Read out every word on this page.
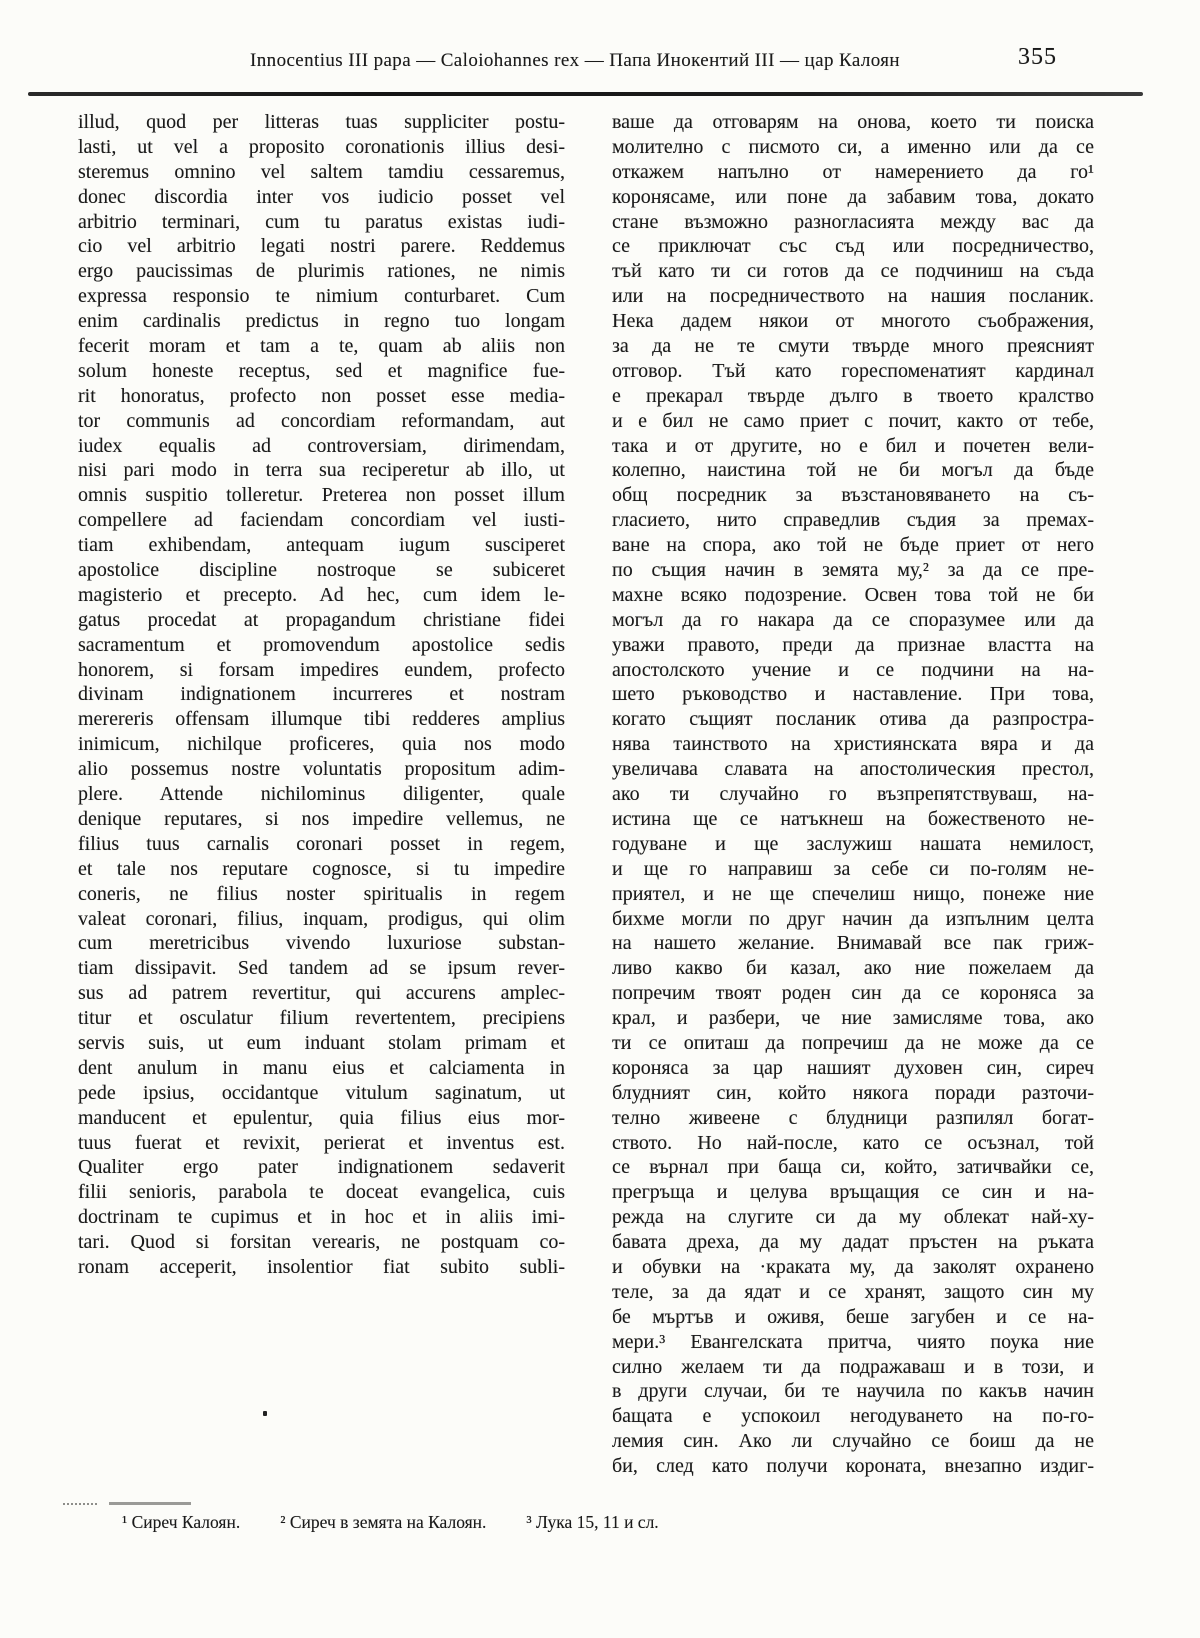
Innocentius III papa — Caloiohannes rex — Папа Инокентий III — цар Калоян	355
illud, quod per litteras tuas suppliciter postu-
lasti, ut vel a proposito coronationis illius desi-
steremus omnino vel saltem tamdiu cessaremus,
donec discordia inter vos iudicio posset vel
arbitrio terminari, cum tu paratus existas iudi-
cio vel arbitrio legati nostri parere. Reddemus
ergo paucissimas de plurimis rationes, ne nimis
expressa responsio te nimium conturbaret. Cum
enim cardinalis predictus in regno tuo longam
fecerit moram et tam a te, quam ab aliis non
solum honeste receptus, sed et magnifice fue-
rit honoratus, profecto non posset esse media-
tor communis ad concordiam reformandam, aut
iudex equalis ad controversiam, dirimendam,
nisi pari modo in terra sua reciperetur ab illo, ut
omnis suspitio tolleretur. Preterea non posset illum
compellere ad faciendam concordiam vel iusti-
tiam exhibendam, antequam iugum susciperet
apostolice discipline nostroque se subiceret
magisterio et precepto. Ad hec, cum idem le-
gatus procedat at propagandum christiane fidei
sacramentum et promovendum apostolice sedis
honorem, si forsam impedires eundem, profecto
divinam indignationem incurreres et nostram
merereris offensam illumque tibi redderes amplius
inimicum, nichilque proficeres, quia nos modo
alio possemus nostre voluntatis propositum adim-
plere. Attende nichilominus diligenter, quale
denique reputares, si nos impedire vellemus, ne
filius tuus carnalis coronari posset in regem,
et tale nos reputare cognosce, si tu impedire
coneris, ne filius noster spiritualis in regem
valeat coronari, filius, inquam, prodigus, qui olim
cum meretricibus vivendo luxuriose substan-
tiam dissipavit. Sed tandem ad se ipsum rever-
sus ad patrem revertitur, qui accurens amplec-
titur et osculatur filium revertentem, precipiens
servis suis, ut eum induant stolam primam et
dent anulum in manu eius et calciamenta in
pede ipsius, occidantque vitulum saginatum, ut
manducent et epulentur, quia filius eius mor-
tuus fuerat et revixit, perierat et inventus est.
Qualiter ergo pater indignationem sedaverit
filii senioris, parabola te doceat evangelica, cuis
doctrinam te cupimus et in hoc et in aliis imi-
tari. Quod si forsitan verearis, ne postquam co-
ronam acceperit, insolentior fiat subito subli-
ваше да отговарям на онова, което ти поиска
молително с писмото си, а именно или да се
откажем напълно от намерението да го¹
коронясаме, или поне да забавим това, докато
стане възможно разногласията между вас да
се приключат със съд или посредничество,
тъй като ти си готов да се подчиниш на съда
или на посредничеството на нашия посланик.
Нека дадем някои от многото съображения,
за да не те смути твърде много преясният
отговор. Тъй като гореспоменатият кардинал
е прекарал твърде дълго в твоето кралство
и е бил не само приет с почит, както от тебе,
така и от другите, но е бил и почетен вели-
колепно, наистина той не би могъл да бъде
общ посредник за възстановяването на съ-
гласието, нито справедлив съдия за премах-
ване на спора, ако той не бъде приет от него
по същия начин в земята му,² за да се пре-
махне всяко подозрение. Освен това той не би
могъл да го накара да се споразумее или да
уважи правото, преди да признае властта на
апостолското учение и се подчини на на-
шето ръководство и наставление. При това,
когато същият посланик отива да разпростра-
нява таинството на християнската вяра и да
увеличава славата на апостолическия престол,
ако ти случайно го възпрепятствуваш, на-
истина ще се натъкнеш на божественото не-
годуване и ще заслужиш нашата немилост,
и ще го направиш за себе си по-голям не-
приятел, и не ще спечелиш нищо, понеже ние
бихме могли по друг начин да изпълним целта
на нашето желание. Внимавай все пак гриж-
ливо какво би казал, ако ние пожелаем да
попречим твоят роден син да се короняса за
крал, и разбери, че ние замисляме това, ако
ти се опиташ да попречиш да не може да се
короняса за цар нашият духовен син, сиреч
блудният син, който някога поради разточи-
телно живеене с блудници разпилял богат-
ството. Но най-после, като се осъзнал, той
се върнал при баща си, който, затичвайки се,
прегръща и целува връщащия се син и на-
режда на слугите си да му облекат най-ху-
бавата дреха, да му дадат пръстен на ръката
и обувки на ·краката му, да заколят охранено
теле, за да ядат и се хранят, защото син му
бе мъртъв и оживя, беше загубен и се на-
мери.³ Евангелската притча, чиято поука ние
силно желаем ти да подражаваш и в този, и
в други случаи, би те научила по какъв начин
бащата е успокоил негодуването на по-го-
лемия син. Ако ли случайно се боиш да не
би, след като получи короната, внезапно издиг-
¹ Сиреч Калоян. ² Сиреч в земята на Калоян. ³ Лука 15, 11 и сл.
